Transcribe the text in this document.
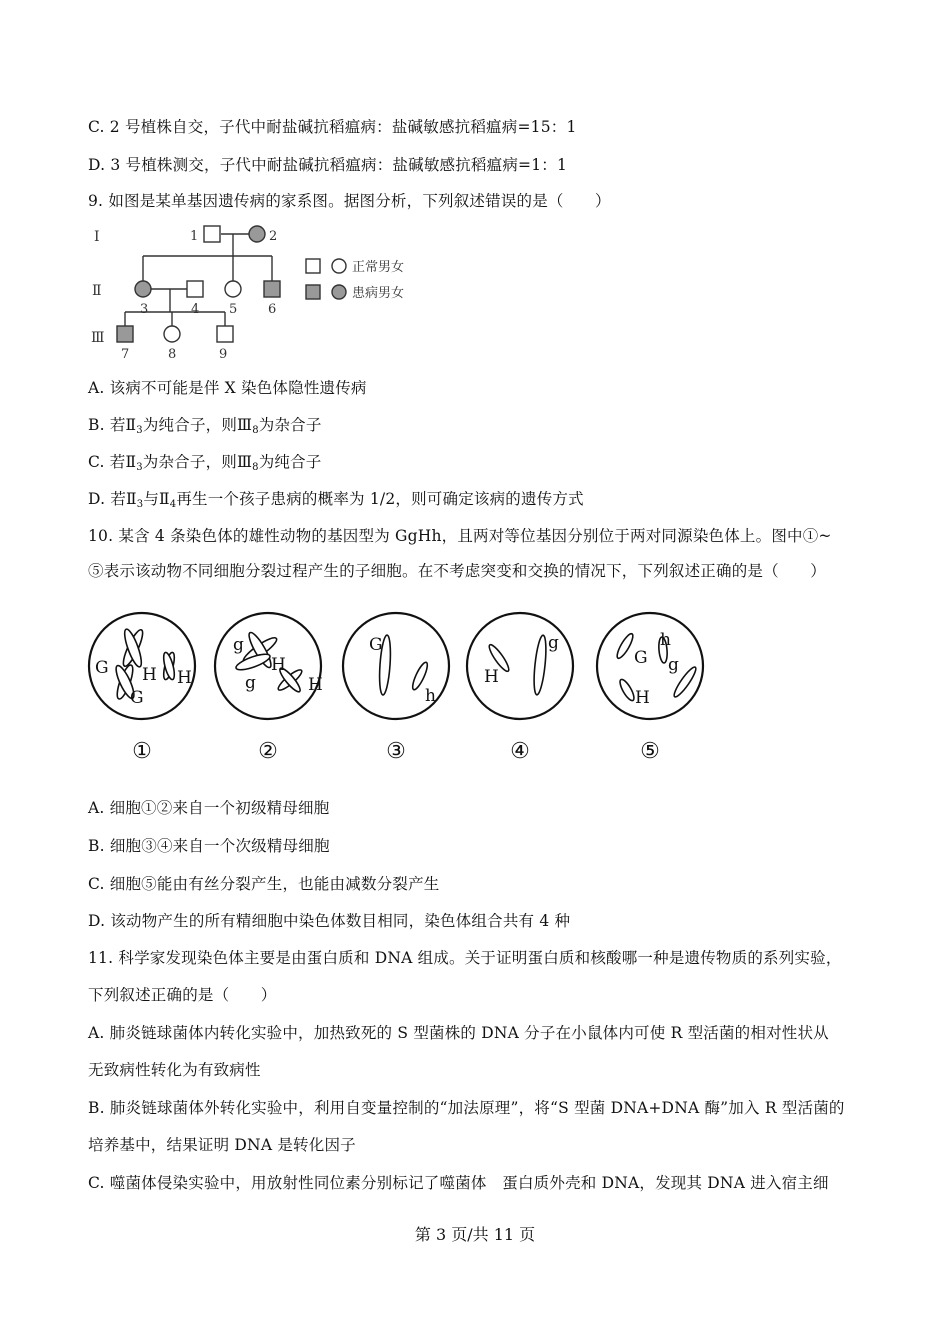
C. 2 号植株自交，子代中耐盐碱抗稻瘟病：盐碱敏感抗稻瘟病=15：1
D. 3 号植株测交，子代中耐盐碱抗稻瘟病：盐碱敏感抗稻瘟病=1：1
9. 如图是某单基因遗传病的家系图。据图分析，下列叙述错误的是（　　）
Ⅰ
Ⅱ
Ⅲ
1	2
3	4 5 6
7	8	9
正常男女
患病男女
A. 该病不可能是伴 X 染色体隐性遗传病
B. 若$Ⅱ_3$为纯合子，则$Ⅲ_8$为杂合子
C. 若$Ⅱ_3$为杂合子，则$Ⅲ_8$为纯合子
D. 若$Ⅱ_3$与$Ⅱ_4$再生一个孩子患病的概率为 1/2，则可确定该病的遗传方式
10. 某含 4 条染色体的雄性动物的基因型为 GgHh，且两对等位基因分别位于两对同源染色体上。图中①~
⑤表示该动物不同细胞分裂过程产生的子细胞。在不考虑突变和交换的情况下，下列叙述正确的是（　　）
G
G
H H
g
g
H
H
G
h
H
g
G
h
g
H
①	②	③	④	⑤
A. 细胞①②来自一个初级精母细胞
B. 细胞③④来自一个次级精母细胞
C. 细胞⑤能由有丝分裂产生，也能由减数分裂产生
D. 该动物产生的所有精细胞中染色体数目相同，染色体组合共有 4 种
11. 科学家发现染色体主要是由蛋白质和 DNA 组成。关于证明蛋白质和核酸哪一种是遗传物质的系列实验，
下列叙述正确的是（　　）
A. 肺炎链球菌体内转化实验中，加热致死的 S 型菌株的 DNA 分子在小鼠体内可使 R 型活菌的相对性状从
无致病性转化为有致病性
B. 肺炎链球菌体外转化实验中，利用自变量控制的“加法原理”，将“S 型菌 DNA+DNA 酶”加入 R 型活菌的
培养基中，结果证明 DNA 是转化因子
C. 噬菌体侵染实验中，用放射性同位素分别标记了噬菌体　蛋白质外壳和 DNA，发现其 DNA 进入宿主细
第 3 页/共 11 页
